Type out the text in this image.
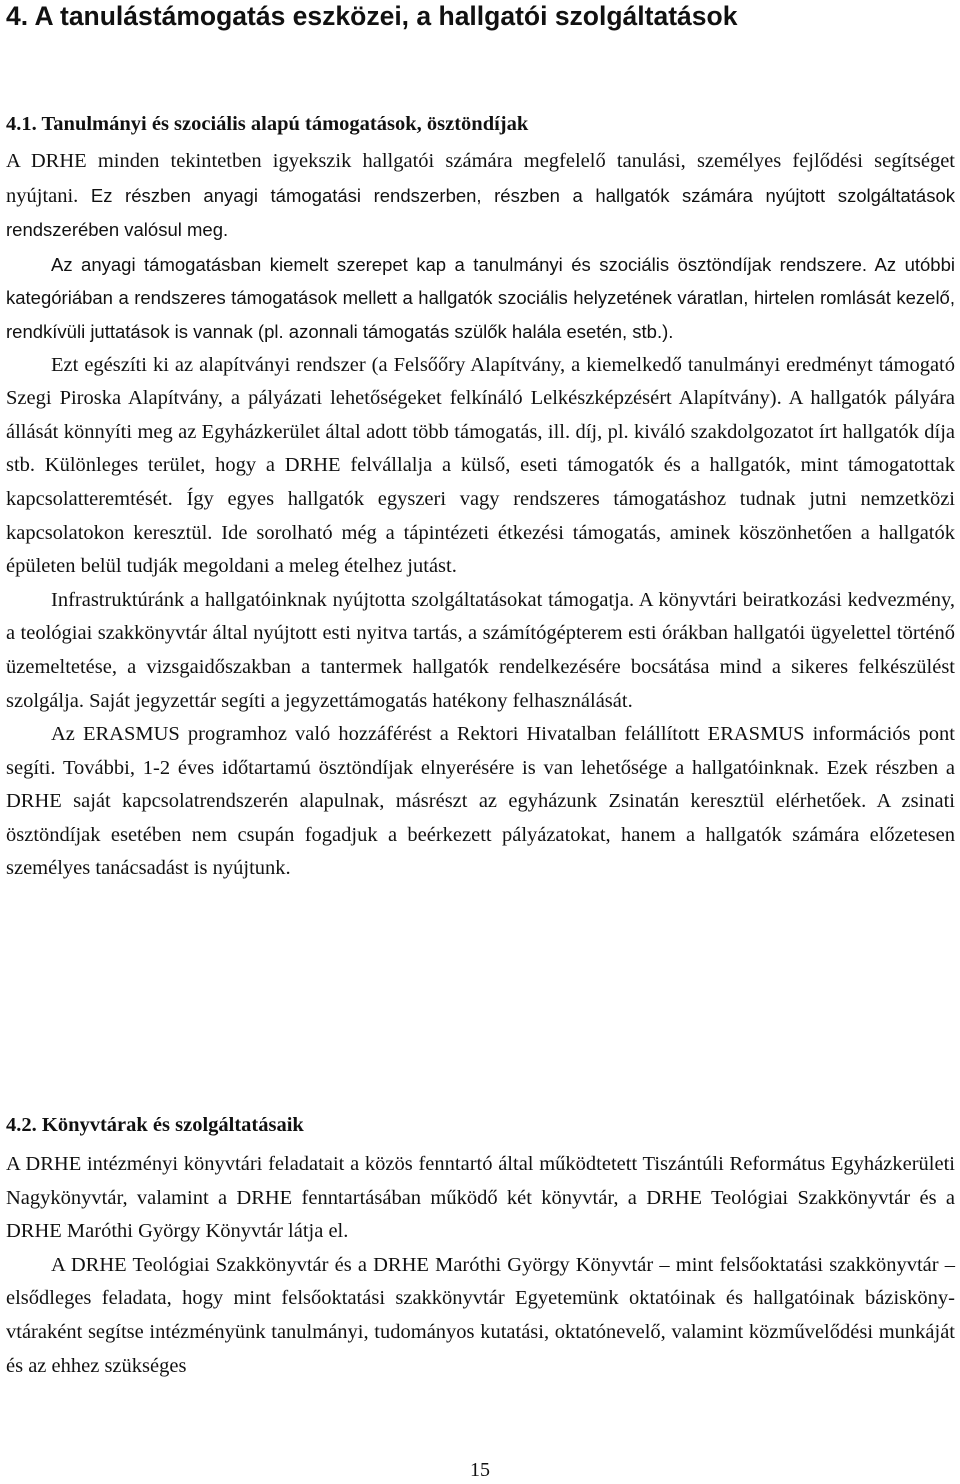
4. A tanulástámogatás eszközei, a hallgatói szolgáltatások
4.1. Tanulmányi és szociális alapú támogatások, ösztöndíjak

A DRHE minden tekintetben igyekszik hallgatói számára megfelelő tanulási, személyes fejlődési segítséget nyújtani. Ez részben anyagi támogatási rendszerben, részben a hallgatók számára nyújtott szolgáltatások rendszerében valósul meg.

Az anyagi támogatásban kiemelt szerepet kap a tanulmányi és szociális ösztöndíjak rendszere. Az utóbbi kategóriában a rendszeres támogatások mellett a hallgatók szociális helyzetének váratlan, hirtelen romlását kezelő, rendkívüli juttatások is vannak (pl. azonnali támogatás szülők halála esetén, stb.).

Ezt egészíti ki az alapítványi rendszer (a Felsőőry Alapítvány, a kiemelkedő tanulmányi eredményt támogató Szegi Piroska Alapítvány, a pályázati lehetőségeket felkínáló Lelkészképzésért Alapítvány). A hallgatók pályára állását könnyíti meg az Egyházkerület által adott több támogatás, ill. díj, pl. kiváló szakdolgozatot írt hallgatók díja stb. Különleges terület, hogy a DRHE felvállalja a külső, eseti támogatók és a hallgatók, mint támogatottak kapcsolatteremtését. Így egyes hallgatók egyszeri vagy rendszeres támogatáshoz tudnak jutni nemzetközi kapcsolatokon keresztül. Ide sorolható még a tápintézeti étkezési támogatás, aminek köszönhetően a hallgatók épületen belül tudják megoldani a meleg ételhez jutást.

Infrastruktúránk a hallgatóinknak nyújtotta szolgáltatásokat támogatja. A könyvtári beiratkozási kedvezmény, a teológiai szakkönyvtár által nyújtott esti nyitva tartás, a számítógépterem esti órákban hallgatói ügyelettel történő üzemeltetése, a vizsgaidőszakban a tantermek hallgatók rendelkezésére bocsátása mind a sikeres felkészülést szolgálja. Saját jegyzettár segíti a jegyzettámogatás hatékony felhasználását.

Az ERASMUS programhoz való hozzáférést a Rektori Hivatalban felállított ERASMUS információs pont segíti. További, 1-2 éves időtartamú ösztöndíjak elnyerésére is van lehetősége a hallgatóinknak. Ezek részben a DRHE saját kapcsolatrendszerén alapulnak, másrészt az egyházunk Zsinatán keresztül elérhetőek. A zsinati ösztöndíjak esetében nem csupán fogadjuk a beérkezett pályázatokat, hanem a hallgatók számára előzetesen személyes tanácsadást is nyújtunk.

4.2. Könyvtárak és szolgáltatásaik

A DRHE intézményi könyvtári feladatait a közös fenntartó által működtetett Tiszántúli Református Egyházkerületi Nagykönyvtár, valamint a DRHE fenntartásában működő két könyvtár, a DRHE Teológiai Szakkönyvtár és a DRHE Maróthi György Könyvtár látja el.

A DRHE Teológiai Szakkönyvtár és a DRHE Maróthi György Könyvtár – mint felsőoktatási szakkönyvtár – elsődleges feladata, hogy mint felsőoktatási szakkönyvtár Egyetemünk oktatóinak és hallgatóinak báziskönyvtáraként segítse intézményünk tanulmányi, tudományos kutatási, oktatónevelő, valamint közművelődési munkáját és az ehhez szükséges

15
